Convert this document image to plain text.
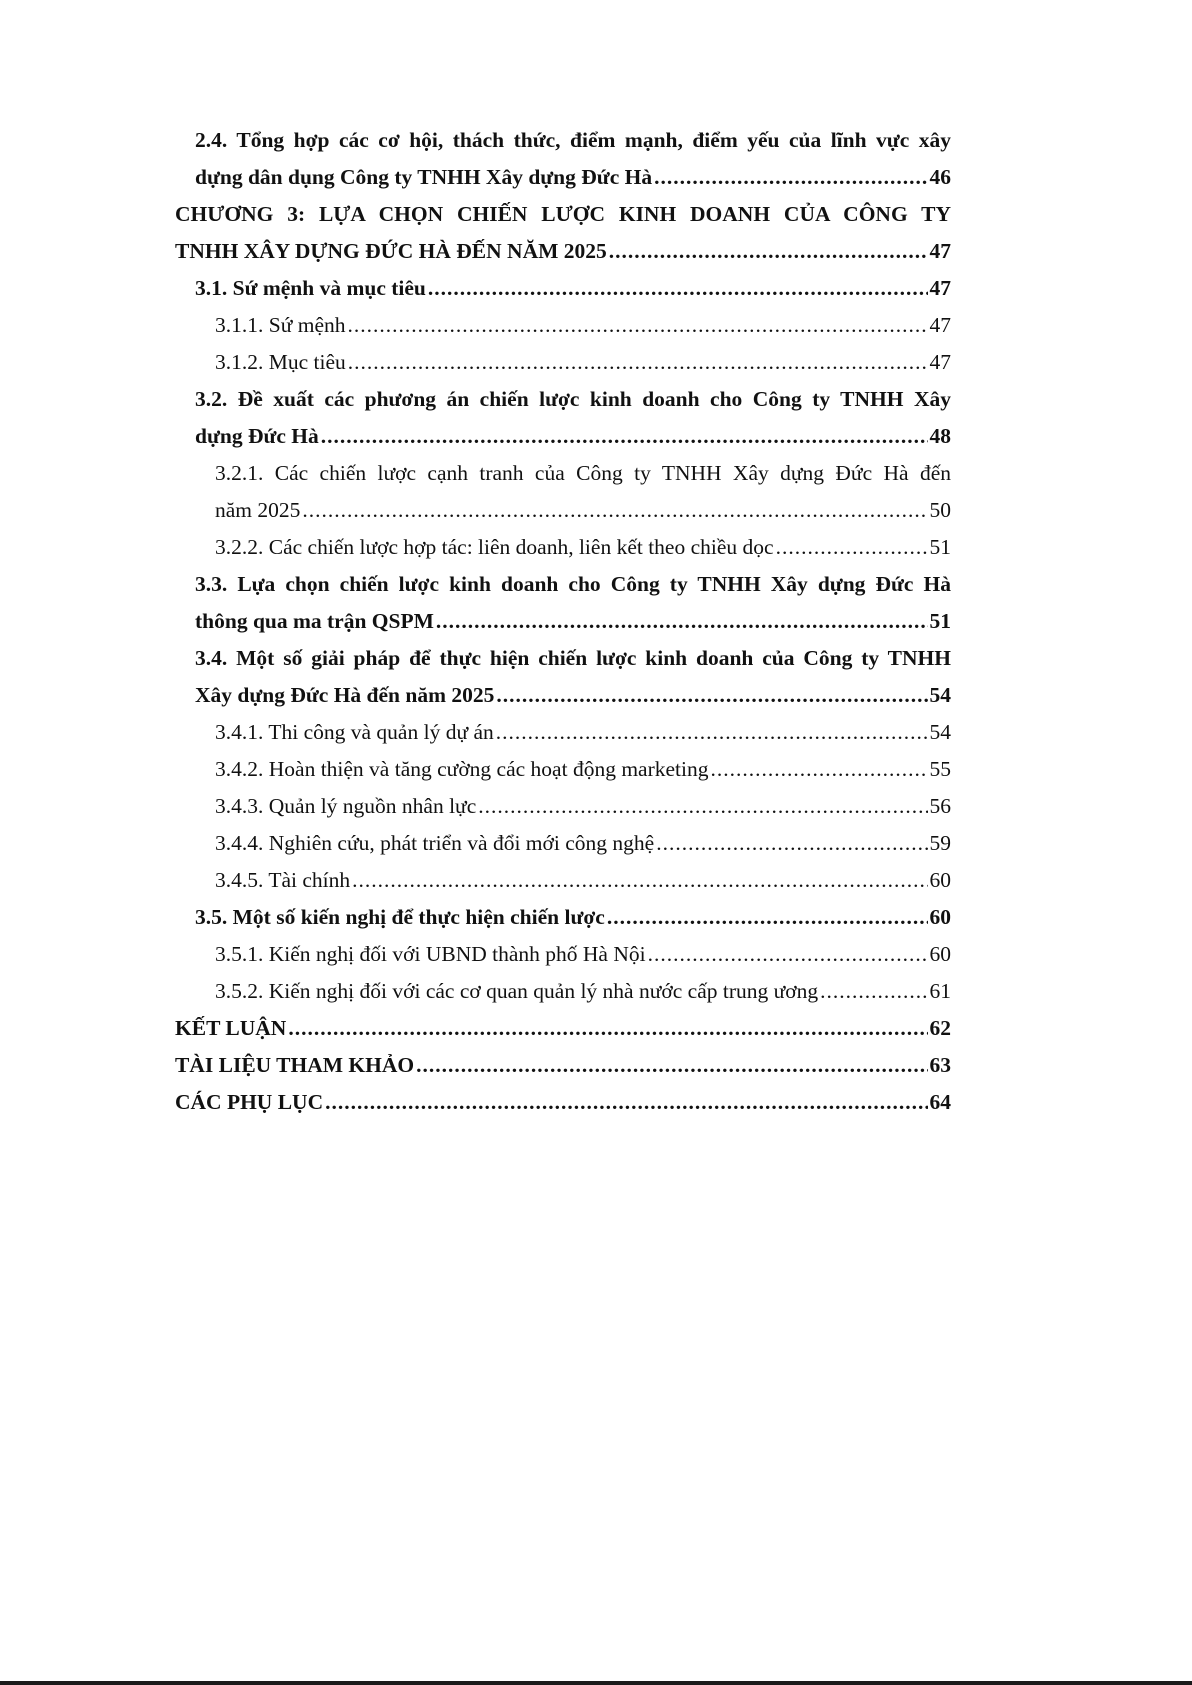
2.4. Tổng hợp các cơ hội, thách thức, điểm mạnh, điểm yếu của lĩnh vực xây
dựng dân dụng Công ty TNHH Xây dựng Đức Hà .....	46
CHƯƠNG 3: LỰA CHỌN CHIẾN LƯỢC KINH DOANH CỦA CÔNG TY
TNHH XÂY DỰNG ĐỨC HÀ ĐẾN NĂM 2025 .....	47
3.1. Sứ mệnh và mục tiêu .....	47
3.1.1. Sứ mệnh .....	47
3.1.2. Mục tiêu .....	47
3.2. Đề xuất các phương án chiến lược kinh doanh cho Công ty TNHH Xây
dựng Đức Hà .....	48
3.2.1. Các chiến lược cạnh tranh của Công ty TNHH Xây dựng Đức Hà đến
năm 2025 .....	50
3.2.2. Các chiến lược hợp tác: liên doanh, liên kết theo chiều dọc .....	51
3.3. Lựa chọn chiến lược kinh doanh cho Công ty TNHH Xây dựng Đức Hà
thông qua ma trận QSPM .....	51
3.4. Một số giải pháp để thực hiện chiến lược kinh doanh của Công ty TNHH
Xây dựng Đức Hà đến năm 2025 .....	54
3.4.1. Thi công và quản lý dự án .....	54
3.4.2. Hoàn thiện và tăng cường các hoạt động marketing .....	55
3.4.3. Quản lý nguồn nhân lực .....	56
3.4.4. Nghiên cứu, phát triển và đổi mới công nghệ .....	59
3.4.5. Tài chính .....	60
3.5. Một số kiến nghị để thực hiện chiến lược .....	60
3.5.1. Kiến nghị đối với UBND thành phố Hà Nội .....	60
3.5.2. Kiến nghị đối với các cơ quan quản lý nhà nước cấp trung ương .....	61
KẾT LUẬN .....	62
TÀI LIỆU THAM KHẢO .....	63
CÁC PHỤ LỤC .....	64
